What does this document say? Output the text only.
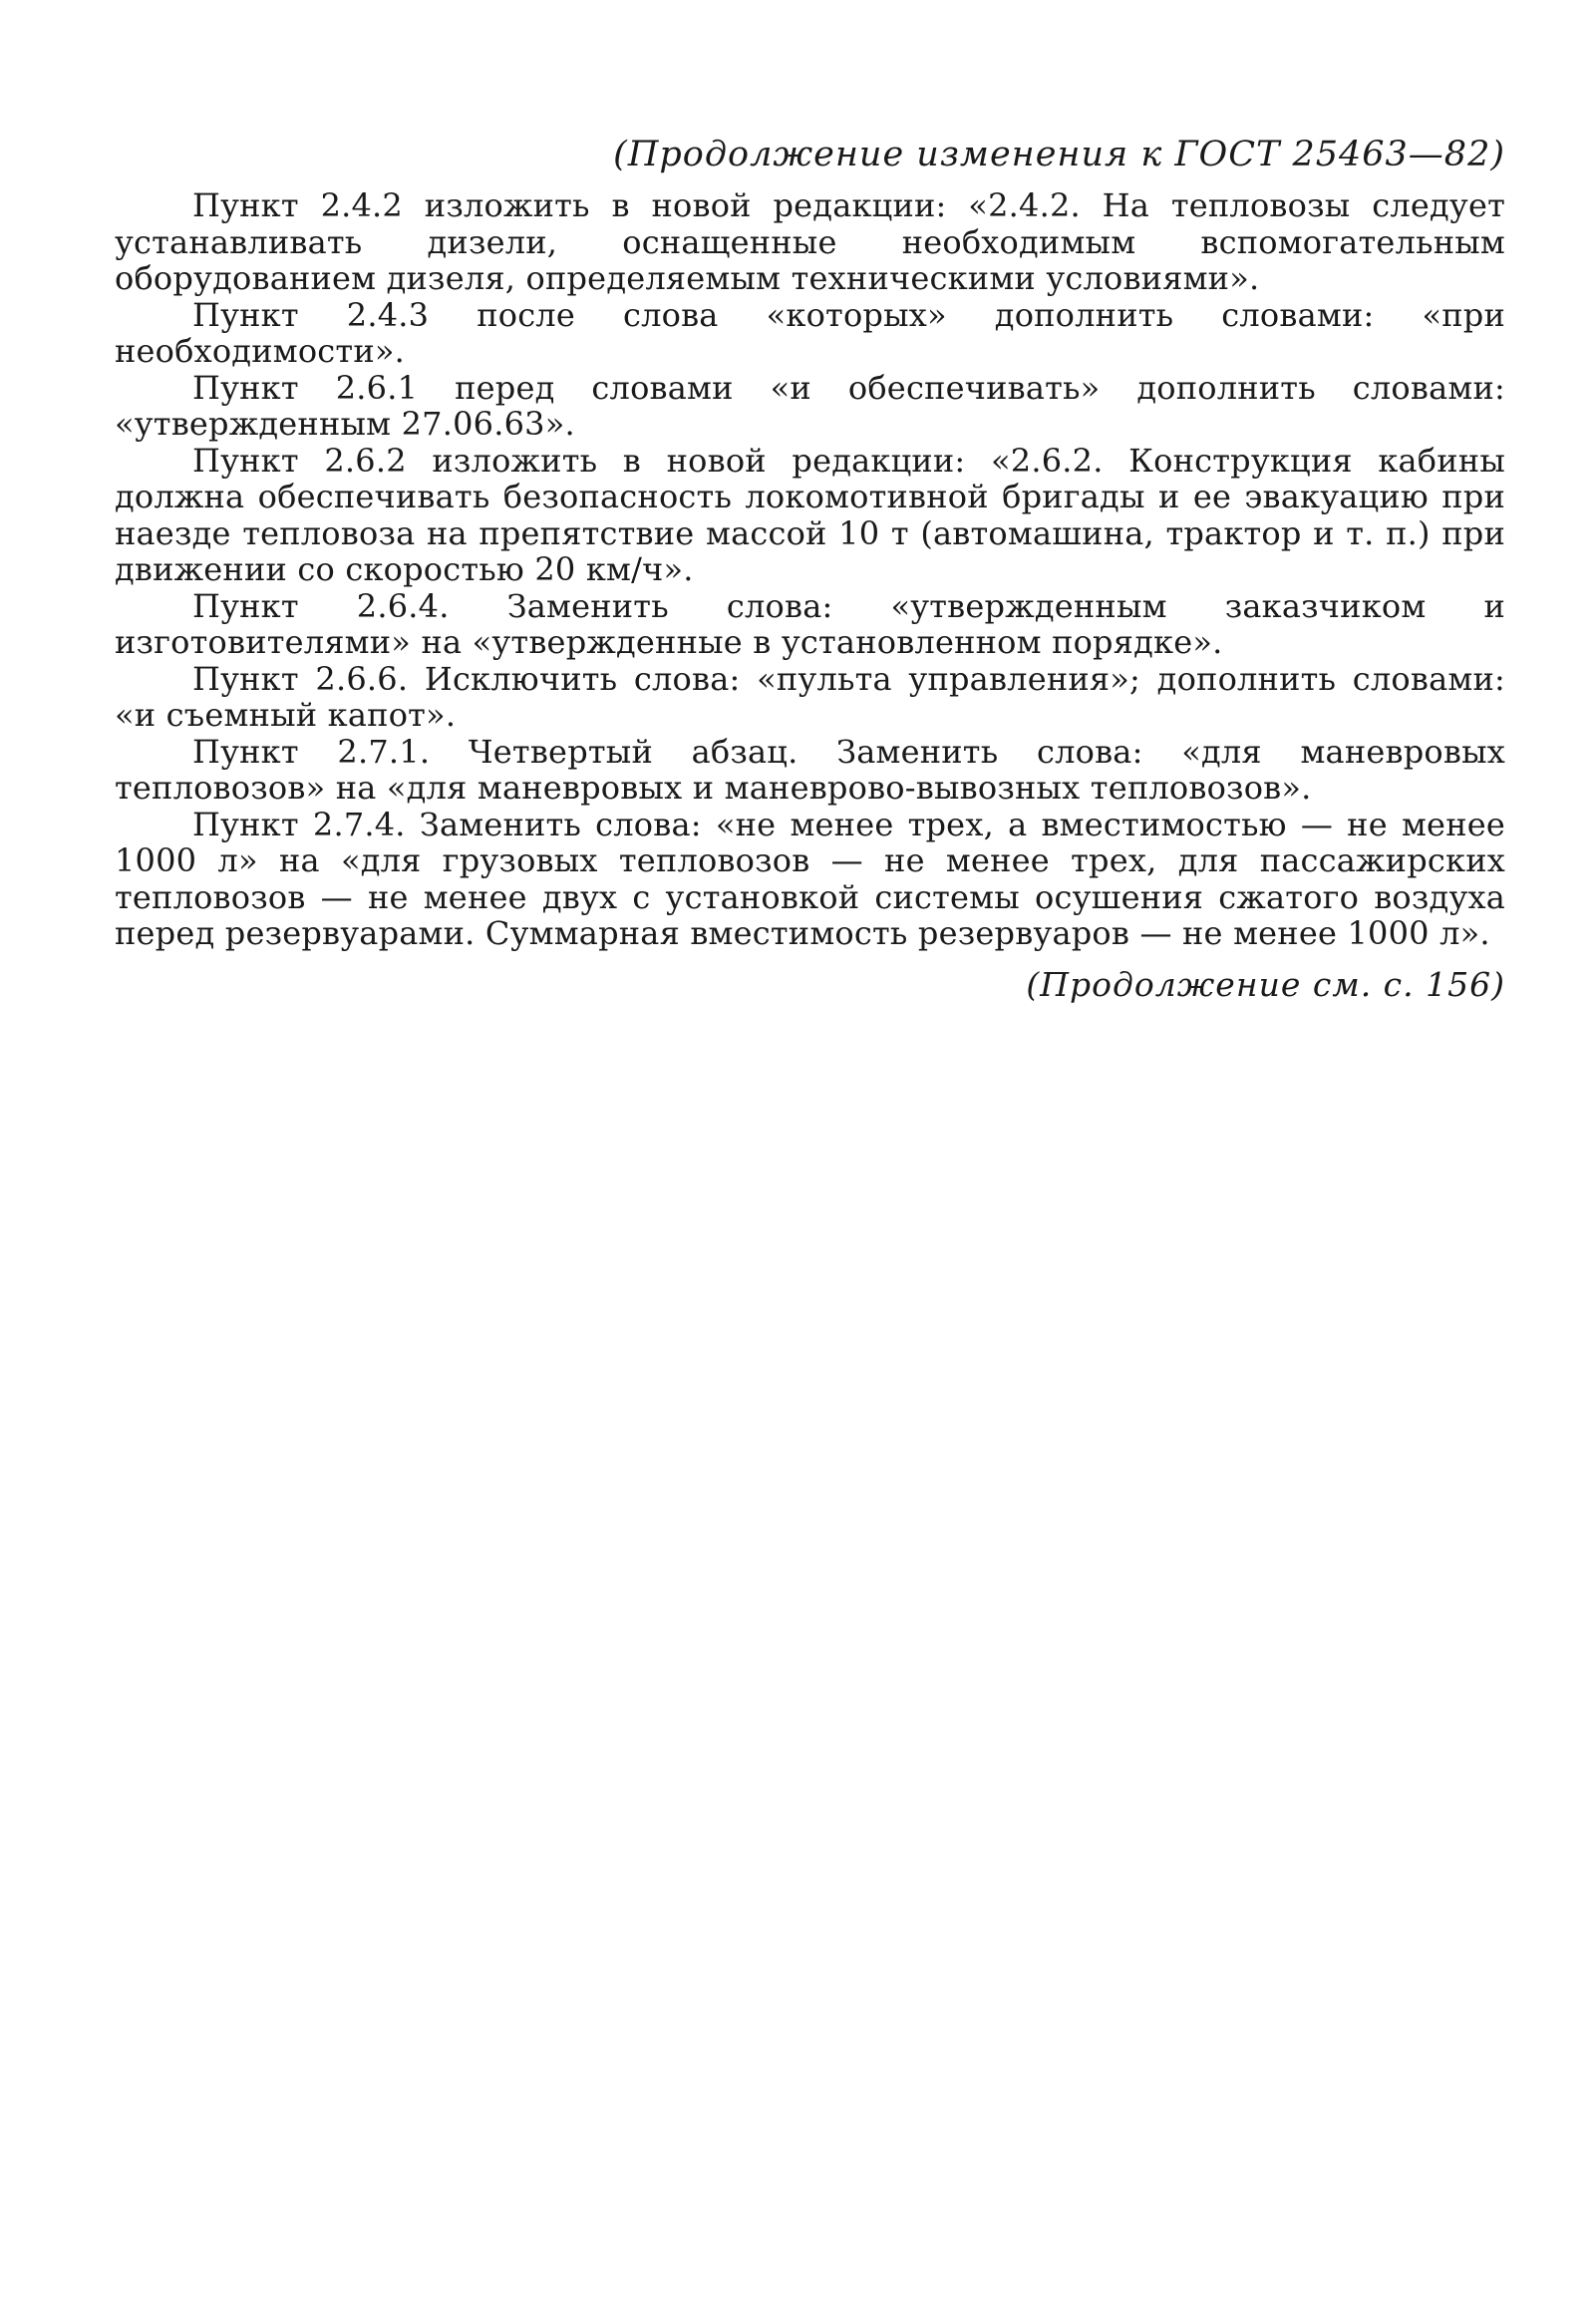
(Продолжение изменения к ГОСТ 25463—82)

Пункт 2.4.2 изложить в новой редакции: «2.4.2. На тепловозы следует устанавливать дизели, оснащенные необходимым вспомогательным оборудованием дизеля, определяемым техническими условиями».

Пункт 2.4.3 после слова «которых» дополнить словами: «при необходимости».

Пункт 2.6.1 перед словами «и обеспечивать» дополнить словами: «утвержденным 27.06.63».

Пункт 2.6.2 изложить в новой редакции: «2.6.2. Конструкция кабины должна обеспечивать безопасность локомотивной бригады и ее эвакуацию при наезде тепловоза на препятствие массой 10 т (автомашина, трактор и т. п.) при движении со скоростью 20 км/ч».

Пункт 2.6.4. Заменить слова: «утвержденным заказчиком и изготовителями» на «утвержденные в установленном порядке».

Пункт 2.6.6. Исключить слова: «пульта управления»; дополнить словами: «и съемный капот».

Пункт 2.7.1. Четвертый абзац. Заменить слова: «для маневровых тепловозов» на «для маневровых и маневрово-вывозных тепловозов».

Пункт 2.7.4. Заменить слова: «не менее трех, а вместимостью — не менее 1000 л» на «для грузовых тепловозов — не менее трех, для пассажирских тепловозов — не менее двух с установкой системы осушения сжатого воздуха перед резервуарами. Суммарная вместимость резервуаров — не менее 1000 л».

(Продолжение см. с. 156)
